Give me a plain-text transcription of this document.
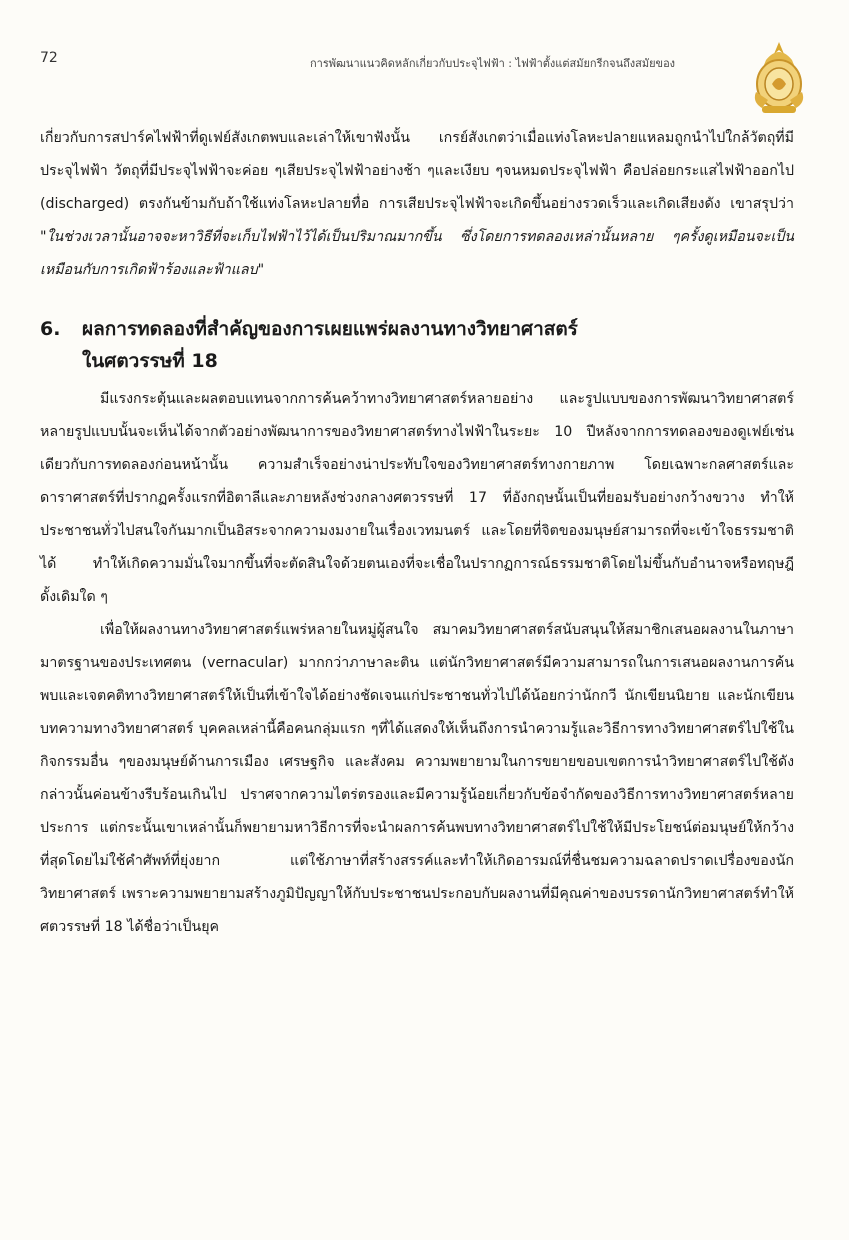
72	การพัฒนาแนวคิดหลักเกี่ยวกับประจุไฟฟ้า : ไฟฟ้าตั้งแต่สมัยกรีกจนถึงสมัยของ

เกี่ยวกับการสปาร์คไฟฟ้าที่ดูเฟย์สังเกตพบและเล่าให้เขาฟังนั้น เกรย์สังเกตว่าเมื่อแท่งโลหะปลายแหลมถูกนำไปใกล้วัตถุที่มีประจุไฟฟ้า วัตถุที่มีประจุไฟฟ้าจะค่อย ๆเสียประจุไฟฟ้าอย่างช้า ๆและเงียบ ๆจนหมดประจุไฟฟ้า คือปล่อยกระแสไฟฟ้าออกไป (discharged) ตรงกันข้ามกับถ้าใช้แท่งโลหะปลายทื่อ การเสียประจุไฟฟ้าจะเกิดขึ้นอย่างรวดเร็วและเกิดเสียงดัง เขาสรุปว่า "ในช่วงเวลานั้นอาจจะหาวิธีที่จะเก็บไฟฟ้าไว้ได้เป็นปริมาณมากขึ้น ซึ่งโดยการทดลองเหล่านั้นหลาย ๆครั้งดูเหมือนจะเป็นเหมือนกับการเกิดฟ้าร้องและฟ้าแลบ"

6.	ผลการทดลองที่สำคัญของการเผยแพร่ผลงานทางวิทยาศาสตร์
ในศตวรรษที่ 18

มีแรงกระตุ้นและผลตอบแทนจากการค้นคว้าทางวิทยาศาสตร์หลายอย่าง และรูปแบบของการพัฒนาวิทยาศาสตร์หลายรูปแบบนั้นจะเห็นได้จากตัวอย่างพัฒนาการของวิทยาศาสตร์ทางไฟฟ้าในระยะ 10 ปีหลังจากการทดลองของดูเฟย์เช่นเดียวกับการทดลองก่อนหน้านั้น ความสำเร็จอย่างน่าประทับใจของวิทยาศาสตร์ทางกายภาพ โดยเฉพาะกลศาสตร์และดาราศาสตร์ที่ปรากฏครั้งแรกที่อิตาลีและภายหลังช่วงกลางศตวรรษที่ 17 ที่อังกฤษนั้นเป็นที่ยอมรับอย่างกว้างขวาง ทำให้ประชาชนทั่วไปสนใจกันมากเป็นอิสระจากความงมงายในเรื่องเวทมนตร์ และโดยที่จิตของมนุษย์สามารถที่จะเข้าใจธรรมชาติได้ ทำให้เกิดความมั่นใจมากขึ้นที่จะตัดสินใจด้วยตนเองที่จะเชื่อในปรากฏการณ์ธรรมชาติโดยไม่ขึ้นกับอำนาจหรือทฤษฎีดั้งเดิมใด ๆ

เพื่อให้ผลงานทางวิทยาศาสตร์แพร่หลายในหมู่ผู้สนใจ สมาคมวิทยาศาสตร์สนับสนุนให้สมาชิกเสนอผลงานในภาษามาตรฐานของประเทศตน (vernacular) มากกว่าภาษาละติน แต่นักวิทยาศาสตร์มีความสามารถในการเสนอผลงานการค้นพบและเจตคติทางวิทยาศาสตร์ให้เป็นที่เข้าใจได้อย่างชัดเจนแก่ประชาชนทั่วไปได้น้อยกว่านักกวี นักเขียนนิยาย และนักเขียนบทความทางวิทยาศาสตร์ บุคคลเหล่านี้คือคนกลุ่มแรก ๆที่ได้แสดงให้เห็นถึงการนำความรู้และวิธีการทางวิทยาศาสตร์ไปใช้ในกิจกรรมอื่น ๆของมนุษย์ด้านการเมือง เศรษฐกิจ และสังคม ความพยายามในการขยายขอบเขตการนำวิทยาศาสตร์ไปใช้ดังกล่าวนั้นค่อนข้างรีบร้อนเกินไป ปราศจากความไตร่ตรองและมีความรู้น้อยเกี่ยวกับข้อจำกัดของวิธีการทางวิทยาศาสตร์หลายประการ แต่กระนั้นเขาเหล่านั้นก็พยายามหาวิธีการที่จะนำผลการค้นพบทางวิทยาศาสตร์ไปใช้ให้มีประโยชน์ต่อมนุษย์ให้กว้างที่สุดโดยไม่ใช้คำศัพท์ที่ยุ่งยาก แต่ใช้ภาษาที่สร้างสรรค์และทำให้เกิดอารมณ์ที่ชื่นชมความฉลาดปราดเปรื่องของนักวิทยาศาสตร์ เพราะความพยายามสร้างภูมิปัญญาให้กับประชาชนประกอบกับผลงานที่มีคุณค่าของบรรดานักวิทยาศาสตร์ทำให้ศตวรรษที่ 18 ได้ชื่อว่าเป็นยุค
